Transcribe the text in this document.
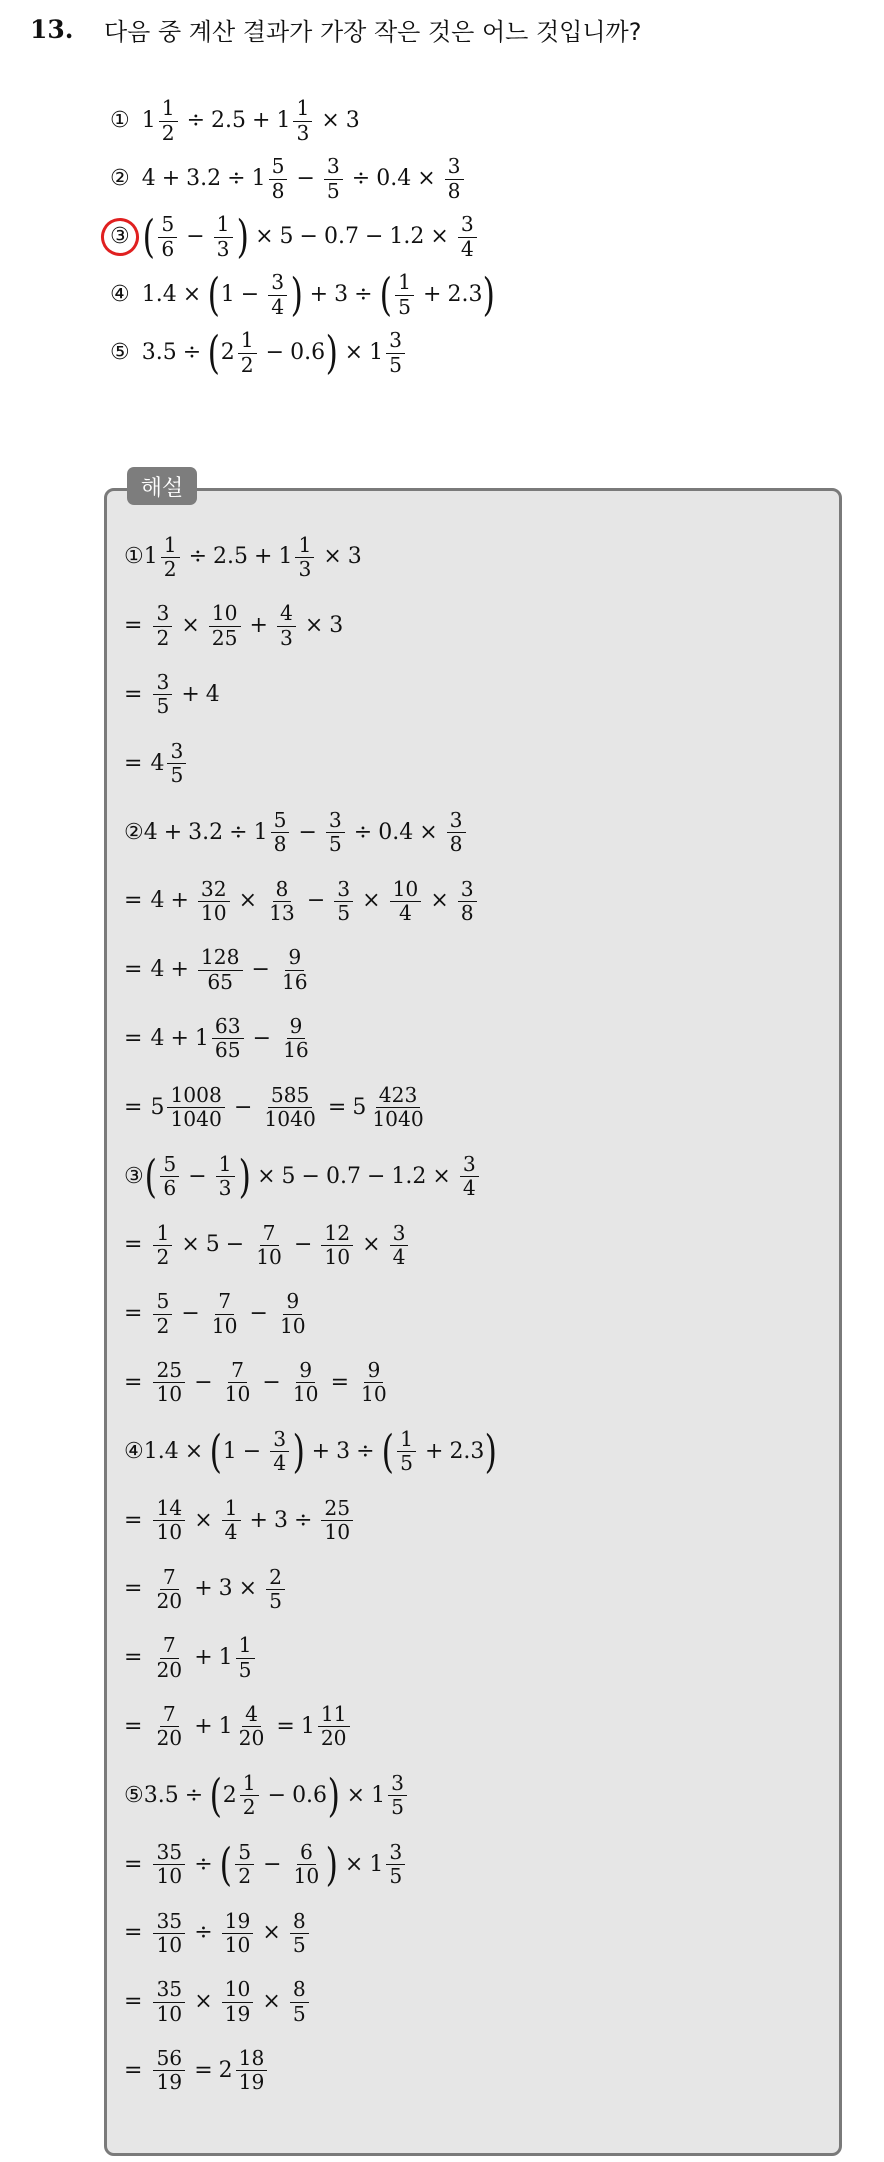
13.	다음 중 계산 결과가 가장 작은 것은 어느 것입니까?
① $1 \frac{1}{2} \div 2.5 + 1 \frac{1}{3} \times 3$
② $4 + 3.2 \div 1 \frac{5}{8} - \frac{3}{5} \div 0.4 \times \frac{3}{8}$
③ ( $\frac{5}{6} - \frac{1}{3}$ ) × $5 - 0.7 - 1.2 \times \frac{3}{4}$
④ 1.4 × ( $1 - \frac{3}{4}$ ) + 3 ÷ ( $\frac{1}{5} + 2.3$ )
⑤ 3.5 ÷ ( $2 \frac{1}{2} - 0.6$ ) × $1 \frac{3}{5}$
해설
①1 $\frac{1}{2} \div 2.5 + 1 \frac{1}{3} \times 3$
= $\frac{3}{2} \times \frac{10}{25} + \frac{4}{3} \times 3$
= $\frac{3}{5} + 4$
= $4 \frac{3}{5}$
②4 + $3.2 \div 1 \frac{5}{8} - \frac{3}{5} \div 0.4 \times \frac{3}{8}$
= $4 + \frac{32}{10} \times \frac{8}{13} - \frac{3}{5} \times \frac{10}{4} \times \frac{3}{8}$
= $4 + \frac{128}{65} - \frac{9}{16}$
= $4 + 1 \frac{63}{65} - \frac{9}{16}$
= $5 \frac{1008}{1040} - \frac{585}{1040} = 5 \frac{423}{1040}$
③ ( $\frac{5}{6} - \frac{1}{3}$ ) × $5 - 0.7 - 1.2 \times \frac{3}{4}$
= $\frac{1}{2} \times 5 - \frac{7}{10} - \frac{12}{10} \times \frac{3}{4}$
= $\frac{5}{2} - \frac{7}{10} - \frac{9}{10}$
= $\frac{25}{10} - \frac{7}{10} - \frac{9}{10} = \frac{9}{10}$
④1.4 × ( $1 - \frac{3}{4}$ ) + 3 ÷ ( $\frac{1}{5} + 2.3$ )
= $\frac{14}{10} \times \frac{1}{4} + 3 \div \frac{25}{10}$
= $\frac{7}{20} + 3 \times \frac{2}{5}$
= $\frac{7}{20} + 1 \frac{1}{5}$
= $\frac{7}{20} + 1 \frac{4}{20} = 1 \frac{11}{20}$
⑤3.5 ÷ ( $2 \frac{1}{2} - 0.6$ ) × $1 \frac{3}{5}$
= $\frac{35}{10}$ ÷ ( $\frac{5}{2} - \frac{6}{10}$ ) × $1 \frac{3}{5}$
= $\frac{35}{10} \div \frac{19}{10} \times \frac{8}{5}$
= $\frac{35}{10} \times \frac{10}{19} \times \frac{8}{5}$
= $\frac{56}{19} = 2 \frac{18}{19}$
